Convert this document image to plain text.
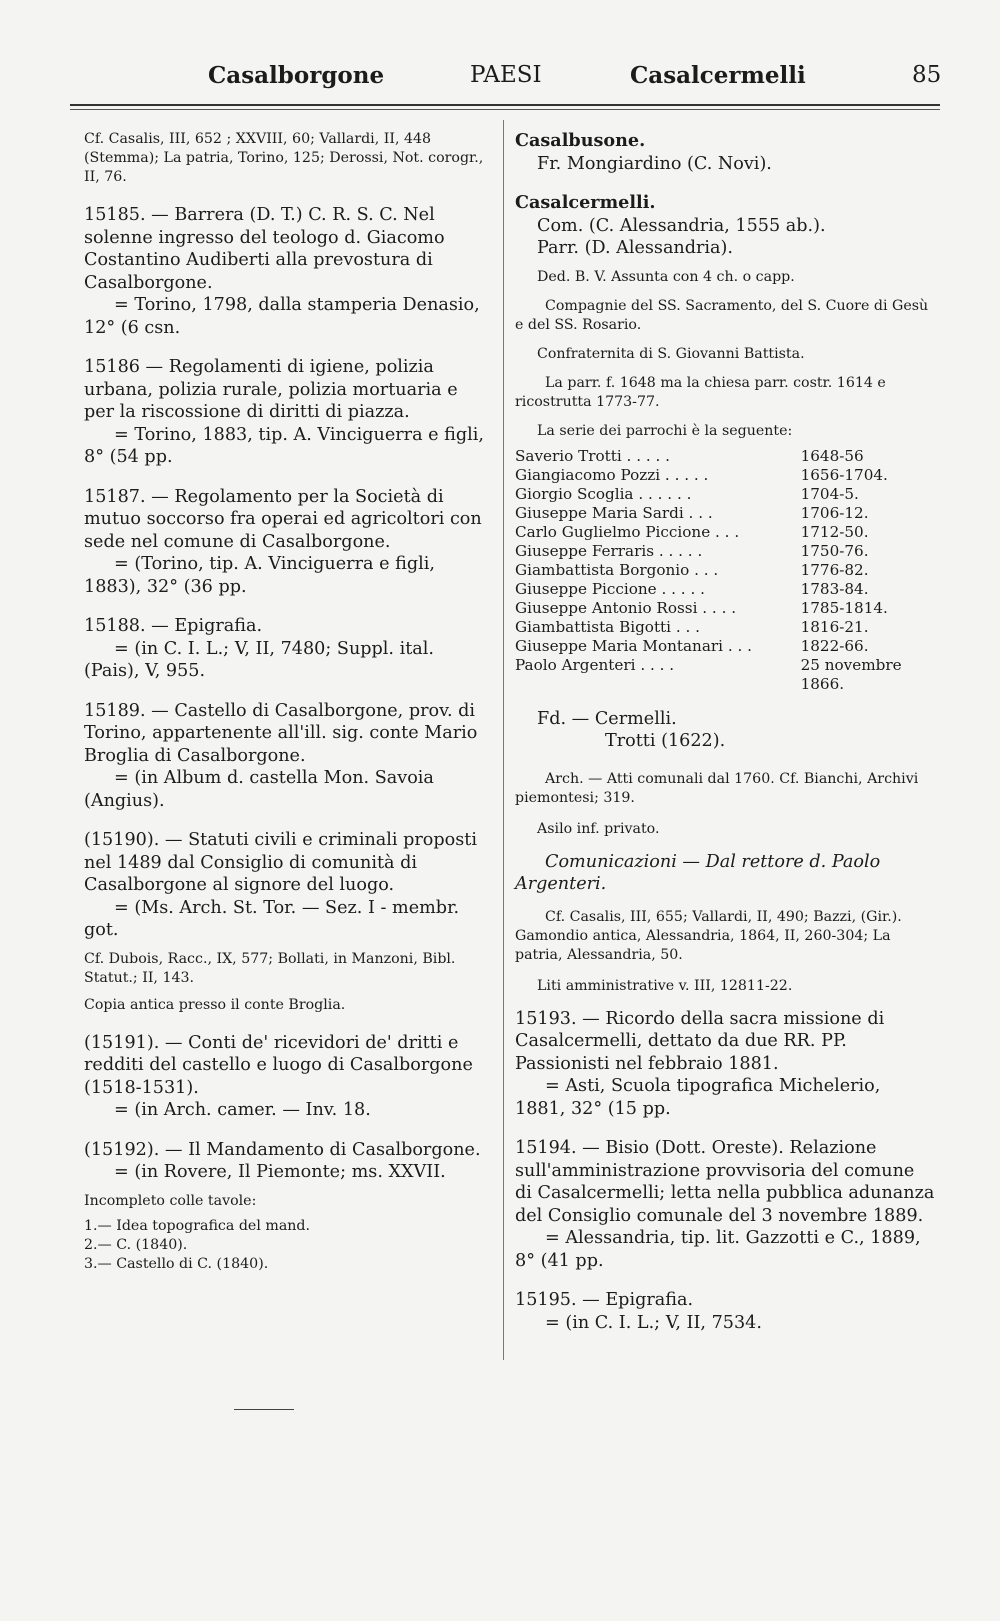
Casalborgone	PAESI	Casalcermelli	85

Cf. Casalis, III, 652 ; XXVIII, 60; Vallardi, II, 448 (Stemma); La patria, Torino, 125; Derossi, Not. corogr., II, 76.

15185. — Barrera (D. T.) C. R. S. C. Nel solenne ingresso del teologo d. Giacomo Costantino Audiberti alla prevostura di Casalborgone.

= Torino, 1798, dalla stamperia Denasio, 12° (6 csn.

15186 — Regolamenti di igiene, polizia urbana, polizia rurale, polizia mortuaria e per la riscossione di diritti di piazza.

= Torino, 1883, tip. A. Vinciguerra e figli, 8° (54 pp.

15187. — Regolamento per la Società di mutuo soccorso fra operai ed agricoltori con sede nel comune di Casalborgone.

= (Torino, tip. A. Vinciguerra e figli, 1883), 32° (36 pp.

15188. — Epigrafia.

= (in C. I. L.; V, II, 7480; Suppl. ital. (Pais), V, 955.

15189. — Castello di Casalborgone, prov. di Torino, appartenente all'ill. sig. conte Mario Broglia di Casalborgone.

= (in Album d. castella Mon. Savoia (Angius).

(15190). — Statuti civili e criminali proposti nel 1489 dal Consiglio di comunità di Casalborgone al signore del luogo.

= (Ms. Arch. St. Tor. — Sez. I - membr. got.

Cf. Dubois, Racc., IX, 577; Bollati, in Manzoni, Bibl. Statut.; II, 143.

Copia antica presso il conte Broglia.

(15191). — Conti de' ricevidori de' dritti e redditi del castello e luogo di Casalborgone (1518-1531).

= (in Arch. camer. — Inv. 18.

(15192). — Il Mandamento di Casalborgone.

= (in Rovere, Il Piemonte; ms. XXVII.

Incompleto colle tavole:

1.— Idea topografica del mand.

2.— C. (1840).

3.— Castello di C. (1840).

Casalbusone.

Fr. Mongiardino (C. Novi).

Casalcermelli.

Com. (C. Alessandria, 1555 ab.).

Parr. (D. Alessandria).

Ded. B. V. Assunta con 4 ch. o capp.

Compagnie del SS. Sacramento, del S. Cuore di Gesù e del SS. Rosario.

Confraternita di S. Giovanni Battista.

La parr. f. 1648 ma la chiesa parr. costr. 1614 e ricostrutta 1773-77.

La serie dei parrochi è la seguente:

Saverio Trotti . . . . .	1648-56
Giangiacomo Pozzi . . . . .	1656-1704.
Giorgio Scoglia . . . . . .	1704-5.
Giuseppe Maria Sardi . . .	1706-12.
Carlo Guglielmo Piccione . . .	1712-50.
Giuseppe Ferraris . . . . .	1750-76.
Giambattista Borgonio . . .	1776-82.
Giuseppe Piccione . . . . .	1783-84.
Giuseppe Antonio Rossi . . . .	1785-1814.
Giambattista Bigotti . . .	1816-21.
Giuseppe Maria Montanari . . .	1822-66.
Paolo Argenteri . . . .	25 novembre 1866.

Fd. — Cermelli.

Trotti (1622).

Arch. — Atti comunali dal 1760. Cf. Bianchi, Archivi piemontesi; 319.

Asilo inf. privato.

Comunicazioni — Dal rettore d. Paolo Argenteri.

Cf. Casalis, III, 655; Vallardi, II, 490; Bazzi, (Gir.). Gamondio antica, Alessandria, 1864, II, 260-304; La patria, Alessandria, 50.

Liti amministrative v. III, 12811-22.

15193. — Ricordo della sacra missione di Casalcermelli, dettato da due RR. PP. Passionisti nel febbraio 1881.

= Asti, Scuola tipografica Michelerio, 1881, 32° (15 pp.

15194. — Bisio (Dott. Oreste). Relazione sull'amministrazione provvisoria del comune di Casalcermelli; letta nella pubblica adunanza del Consiglio comunale del 3 novembre 1889.

= Alessandria, tip. lit. Gazzotti e C., 1889, 8° (41 pp.

15195. — Epigrafia.

= (in C. I. L.; V, II, 7534.
